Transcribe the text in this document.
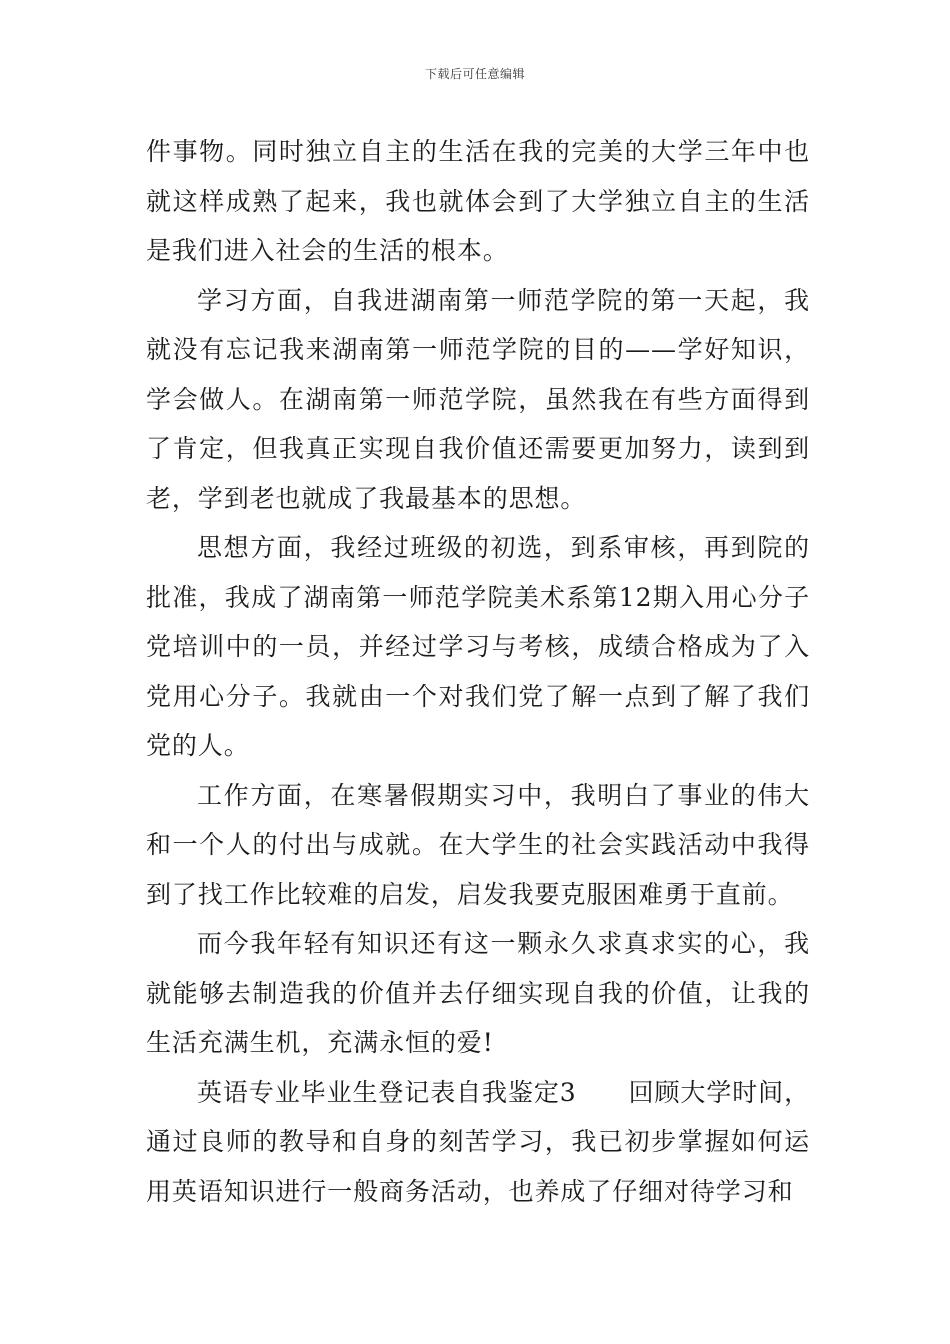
下载后可任意编辑

件事物。同时独立自主的生活在我的完美的大学三年中也就这样成熟了起来，我也就体会到了大学独立自主的生活是我们进入社会的生活的根本。

学习方面，自我进湖南第一师范学院的第一天起，我就没有忘记我来湖南第一师范学院的目的——学好知识，学会做人。在湖南第一师范学院，虽然我在有些方面得到了肯定，但我真正实现自我价值还需要更加努力，读到到老，学到老也就成了我最基本的思想。

思想方面，我经过班级的初选，到系审核，再到院的批准，我成了湖南第一师范学院美术系第12期入用心分子党培训中的一员，并经过学习与考核，成绩合格成为了入党用心分子。我就由一个对我们党了解一点到了解了我们党的人。

工作方面，在寒暑假期实习中，我明白了事业的伟大和一个人的付出与成就。在大学生的社会实践活动中我得到了找工作比较难的启发，启发我要克服困难勇于直前。

而今我年轻有知识还有这一颗永久求真求实的心，我就能够去制造我的价值并去仔细实现自我的价值，让我的生活充满生机，充满永恒的爱!

英语专业毕业生登记表自我鉴定3 回顾大学时间，通过良师的教导和自身的刻苦学习，我已初步掌握如何运用英语知识进行一般商务活动，也养成了仔细对待学习和
